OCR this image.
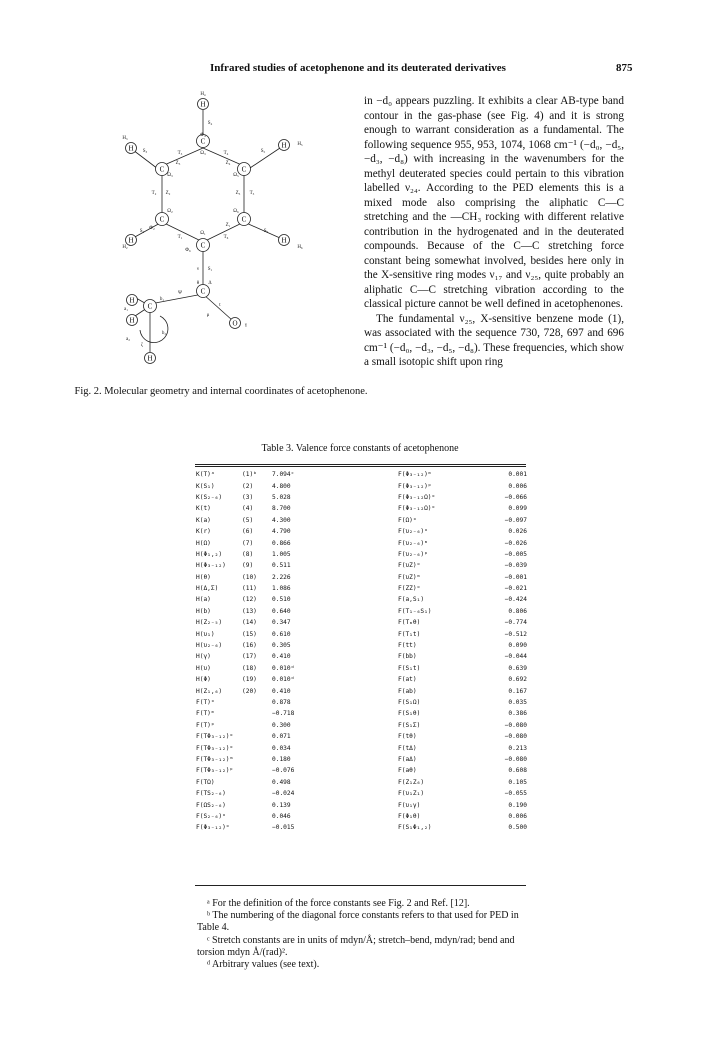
Infrared studies of acetophenone and its deuterated derivatives	875
H
C
C	C
H	H
C	C
H	H
C
C
C
O
H
H
H
H₄
S₄
Φ₄
H₃
H₅
T₃	T₄
S₃	S₅
Ω₃
Ω₃	Ω₅
Z₃	Z₄
T₂	T₅
Z₂	Z₅
H₂	H₆
S₂	S₆
Ω₂	Ω₆
Ω₁
Z₁
T₁	T₆
Φ₂
Φ₆
ν S₁
θ Δ
Ψ
b₁
a₁
t
b₂
a₂
μ
γ
ζ
Fig. 2. Molecular geometry and internal coordinates of acetophenone.

in −d₀ appears puzzling. It exhibits a clear AB-type band contour in the gas-phase (see Fig. 4) and it is strong enough to warrant consideration as a fundamental. The following sequence 955, 953, 1074, 1068 cm⁻¹ (−d₀, −d₅, −d₃, −d₈) with increasing in the wavenumbers for the methyl deuterated species could pertain to this vibration labelled ν₂₄. According to the PED elements this is a mixed mode also comprising the aliphatic C—C stretching and the —CH₃ rocking with different relative contribution in the hydrogenated and in the deuterated compounds. Because of the C—C stretching force constant being somewhat involved, besides here only in the X-sensitive ring modes ν₁₇ and ν₂₅, quite probably an aliphatic C—C stretching vibration according to the classical picture cannot be well defined in acetophenones.

The fundamental ν₂₅, X-sensitive benzene mode (1), was associated with the sequence 730, 728, 697 and 696 cm⁻¹ (−d₀, −d₃, −d₅, −d₈). These frequencies, which show a small isotopic shift upon ring

Table 3. Valence force constants of acetophenone
K(T)ᵃ	(1)ᵇ	7.094ᶜ	F(Φ₃₋₁₂)ᵐ	0.001
K(S₁)	(2)	4.800	F(Φ₃₋₁₂)ᵖ	0.006
K(S₂₋₆)	(3)	5.028	F(Φ₃₋₁₂Ω)ᵒ	−0.066
K(t)	(4)	8.700	F(Φ₃₋₁₂Ω)ᵒ	0.099
K(a)	(5)	4.300	F(Ω)ᵒ	−0.097
K(r)	(6)	4.790	F(υ₂₋₆)ᵒ	0.026
H(Ω)	(7)	0.866	F(υ₂₋₆)ᵐ	−0.026
H(Φ₁,₂)	(8)	1.005	F(υ₂₋₆)ᵖ	−0.005
H(Φ₃₋₁₂)	(9)	0.511	F(υZ)ᵒ	−0.039
H(θ)	(10)	2.226	F(υZ)ᵐ	−0.001
H(Δ,Σ)	(11)	1.086	F(ZZ)ᵒ	−0.021
H(a)	(12)	0.510	F(a,S₁)	−0.424
H(b)	(13)	0.640	F(T₁₋₆S₁)	0.806
H(Z₂₋₅)	(14)	0.347	F(Tₘθ)	−0.774
H(υ₁)	(15)	0.610	F(T₁t)	−0.512
H(υ₂₋₆)	(16)	0.305	F(tt)	0.090
H(γ)	(17)	0.410	F(bb)	−0.044
H(υ)	(18)	0.010ᵈ	F(S₁t)	0.639
H(Φ)	(19)	0.010ᵈ	F(at)	0.692
H(Z₁,₆)	(20)	0.410	F(ab)	0.167
F(T)ᵒ		0.878	F(S₁Ω)	0.035
F(T)ᵐ		−0.718	F(S₁θ)	0.386
F(T)ᵖ		0.300	F(S₁Σ)	−0.080
F(TΦ₃₋₁₂)ᵒ		0.071	F(tθ)	−0.080
F(TΦ₃₋₁₂)ᵒ		0.034	F(tΔ)	0.213
F(TΦ₃₋₁₂)ᵐ		0.180	F(aΔ)	−0.080
F(TΦ₃₋₁₂)ᵖ		−0.076	F(aθ)	0.608
F(TΩ)		0.498	F(Z₁Z₆)	0.105
F(TS₂₋₆)		−0.024	F(υ₁Z₁)	−0.055
F(ΩS₂₋₆)		0.139	F(υ₁γ)	0.190
F(S₂₋₆)ᵒ		0.046	F(Φ₁θ)	0.006
F(Φ₃₋₁₂)ᵒ		−0.015	F(S₁Φ₁,₂)	0.500

ᵃ For the definition of the force constants see Fig. 2 and Ref. [12].

ᵇ The numbering of the diagonal force constants refers to that used for PED in Table 4.

ᶜ Stretch constants are in units of mdyn/Å; stretch–bend, mdyn/rad; bend and torsion mdyn Å/(rad)².

ᵈ Arbitrary values (see text).
